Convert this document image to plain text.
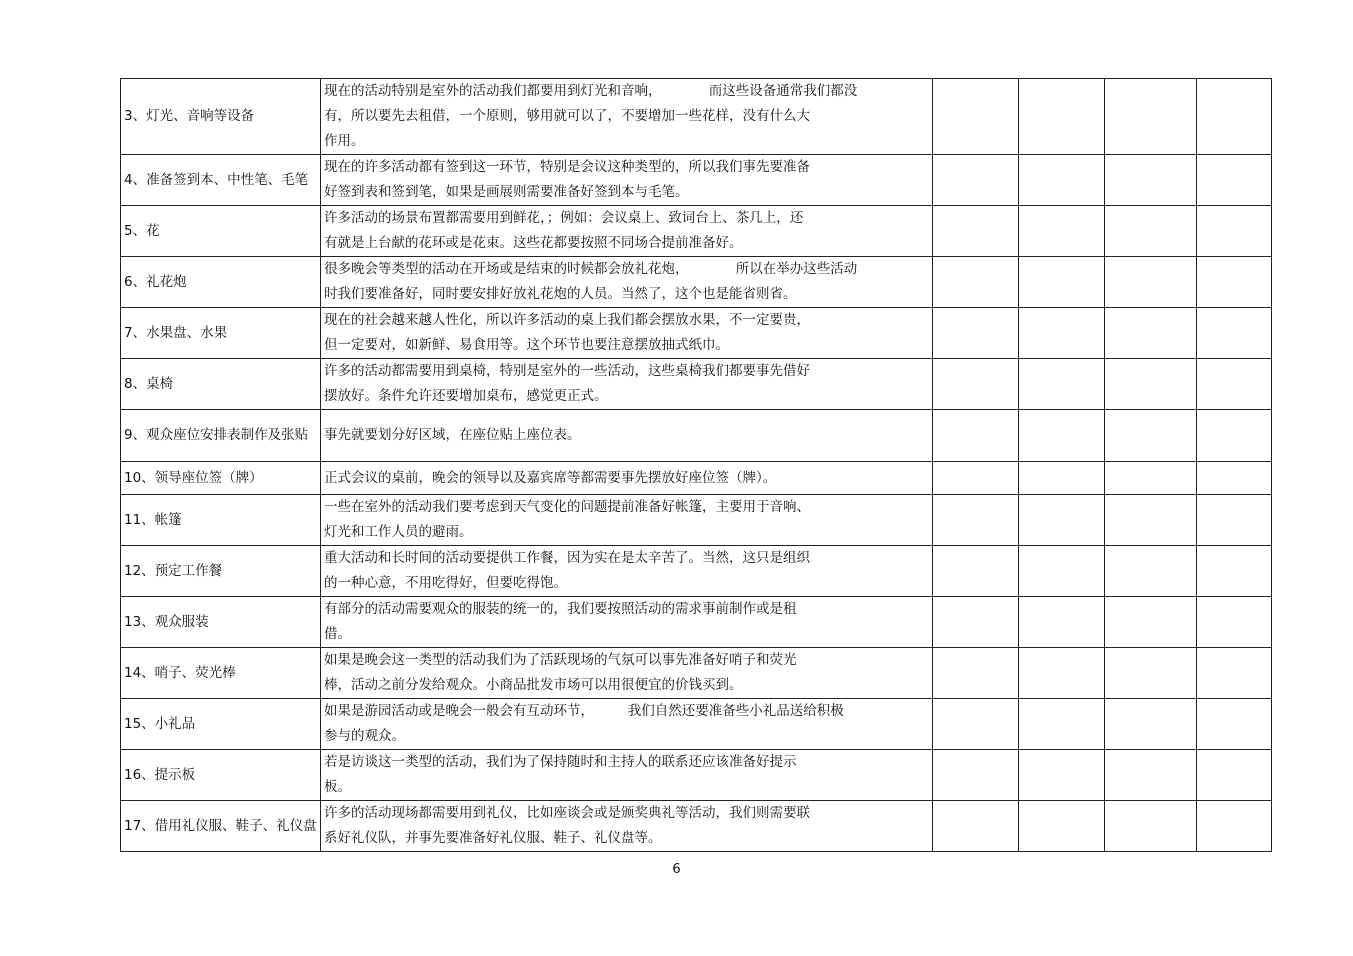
3、灯光、音响等设备	现在的活动特别是室外的活动我们都要用到灯光和音响，　　　　而这些设备通常我们都没
有，所以要先去租借，一个原则，够用就可以了，不要增加一些花样，没有什么大
作用。				

4、准备签到本、中性笔、毛笔	现在的许多活动都有签到这一环节，特别是会议这种类型的，所以我们事先要准备
好签到表和签到笔，如果是画展则需要准备好签到本与毛笔。				

5、花	许多活动的场景布置都需要用到鲜花，；例如：会议桌上、致词台上、茶几上，还
有就是上台献的花环或是花束。这些花都要按照不同场合提前准备好。				

6、礼花炮	很多晚会等类型的活动在开场或是结束的时候都会放礼花炮，　　　　所以在举办这些活动
时我们要准备好，同时要安排好放礼花炮的人员。当然了，这个也是能省则省。				

7、水果盘、水果	现在的社会越来越人性化，所以许多活动的桌上我们都会摆放水果，不一定要贵，
但一定要对，如新鲜、易食用等。这个环节也要注意摆放抽式纸巾。				

8、桌椅	许多的活动都需要用到桌椅，特别是室外的一些活动，这些桌椅我们都要事先借好
摆放好。条件允许还要增加桌布，感觉更正式。				

9、观众座位安排表制作及张贴	事先就要划分好区域，在座位贴上座位表。				

10、领导座位签（牌）	正式会议的桌前，晚会的领导以及嘉宾席等都需要事先摆放好座位签（牌）。				

11、帐篷	一些在室外的活动我们要考虑到天气变化的问题提前准备好帐篷，主要用于音响、
灯光和工作人员的避雨。				

12、预定工作餐	重大活动和长时间的活动要提供工作餐，因为实在是太辛苦了。当然，这只是组织
的一种心意，不用吃得好，但要吃得饱。				

13、观众服装	有部分的活动需要观众的服装的统一的，我们要按照活动的需求事前制作或是租
借。				

14、哨子、荧光棒	如果是晚会这一类型的活动我们为了活跃现场的气氛可以事先准备好哨子和荧光
棒，活动之前分发给观众。小商品批发市场可以用很便宜的价钱买到。				

15、小礼品	如果是游园活动或是晚会一般会有互动环节，　　　我们自然还要准备些小礼品送给积极
参与的观众。				

16、提示板	若是访谈这一类型的活动，我们为了保持随时和主持人的联系还应该准备好提示
板。				

17、借用礼仪服、鞋子、礼仪盘	许多的活动现场都需要用到礼仪，比如座谈会或是颁奖典礼等活动，我们则需要联
系好礼仪队，并事先要准备好礼仪服、鞋子、礼仪盘等。				

6
